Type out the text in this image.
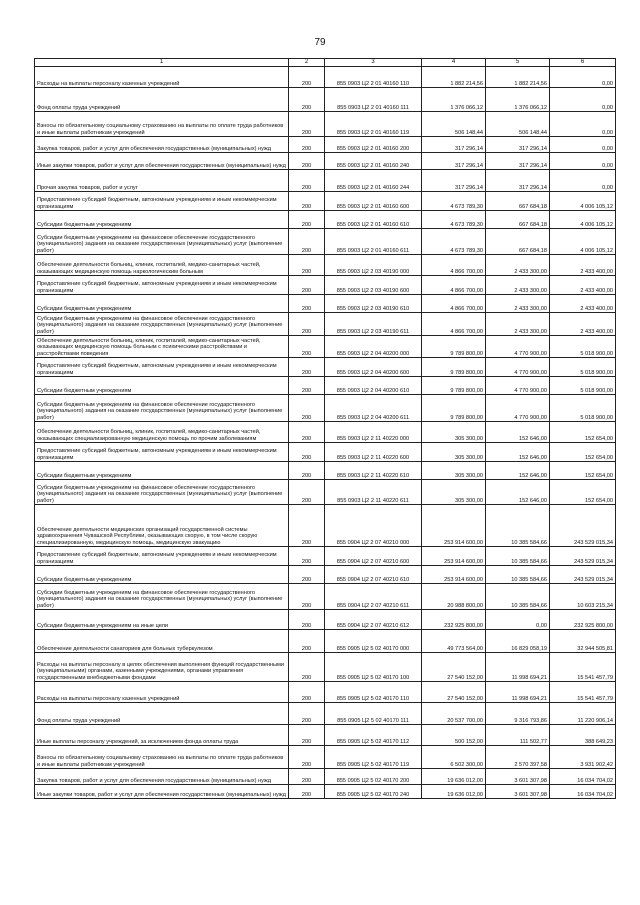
79
1	2	3	4	5	6
Расходы на выплаты персоналу казенных учреждений	200	855 0903 Ц2 2 01 40160 110	1 882 214,56	1 882 214,56	0,00
Фонд оплаты труда учреждений	200	855 0903 Ц2 2 01 40160 111	1 376 066,12	1 376 066,12	0,00
Взносы по обязательному социальному страхованию на выплаты по оплате труда работников и иные выплаты работникам учреждений	200	855 0903 Ц2 2 01 40160 119	506 148,44	506 148,44	0,00
Закупка товаров, работ и услуг для обеспечения государственных (муниципальных) нужд	200	855 0903 Ц2 2 01 40160 200	317 296,14	317 296,14	0,00
Иные закупки товаров, работ и услуг для обеспечения государственных (муниципальных) нужд	200	855 0903 Ц2 2 01 40160 240	317 296,14	317 296,14	0,00
Прочая закупка товаров, работ и услуг	200	855 0903 Ц2 2 01 40160 244	317 296,14	317 296,14	0,00
Предоставление субсидий бюджетным, автономным учреждениям и иным некоммерческим организациям	200	855 0903 Ц2 2 01 40160 600	4 673 789,30	667 684,18	4 006 105,12
Субсидии бюджетным учреждениям	200	855 0903 Ц2 2 01 40160 610	4 673 789,30	667 684,18	4 006 105,12
Субсидии бюджетным учреждениям на финансовое обеспечение государственного (муниципального) задания на оказание государственных (муниципальных) услуг (выполнение работ)	200	855 0903 Ц2 2 01 40160 611	4 673 789,30	667 684,18	4 006 105,12
Обеспечение деятельности больниц, клиник, госпиталей, медико-санитарных частей, оказывающих медицинскую помощь наркологическим больным	200	855 0903 Ц2 2 03 40190 000	4 866 700,00	2 433 300,00	2 433 400,00
Предоставление субсидий бюджетным, автономным учреждениям и иным некоммерческим организациям	200	855 0903 Ц2 2 03 40190 600	4 866 700,00	2 433 300,00	2 433 400,00
Субсидии бюджетным учреждениям	200	855 0903 Ц2 2 03 40190 610	4 866 700,00	2 433 300,00	2 433 400,00
Субсидии бюджетным учреждениям на финансовое обеспечение государственного (муниципального) задания на оказание государственных (муниципальных) услуг (выполнение работ)	200	855 0903 Ц2 2 03 40190 611	4 866 700,00	2 433 300,00	2 433 400,00
Обеспечение деятельности больниц, клиник, госпиталей, медико-санитарных частей, оказывающих медицинскую помощь больным с психическими расстройствами и расстройствами поведения	200	855 0903 Ц2 2 04 40200 000	9 789 800,00	4 770 900,00	5 018 900,00
Предоставление субсидий бюджетным, автономным учреждениям и иным некоммерческим организациям	200	855 0903 Ц2 2 04 40200 600	9 789 800,00	4 770 900,00	5 018 900,00
Субсидии бюджетным учреждениям	200	855 0903 Ц2 2 04 40200 610	9 789 800,00	4 770 900,00	5 018 900,00
Субсидии бюджетным учреждениям на финансовое обеспечение государственного (муниципального) задания на оказание государственных (муниципальных) услуг (выполнение работ)	200	855 0903 Ц2 2 04 40200 611	9 789 800,00	4 770 900,00	5 018 900,00
Обеспечение деятельности больниц, клиник, госпиталей, медико-санитарных частей, оказывающих специализированную медицинскую помощь по прочим заболеваниям	200	855 0903 Ц2 2 11 40220 000	305 300,00	152 646,00	152 654,00
Предоставление субсидий бюджетным, автономным учреждениям и иным некоммерческим организациям	200	855 0903 Ц2 2 11 40220 600	305 300,00	152 646,00	152 654,00
Субсидии бюджетным учреждениям	200	855 0903 Ц2 2 11 40220 610	305 300,00	152 646,00	152 654,00
Субсидии бюджетным учреждениям на финансовое обеспечение государственного (муниципального) задания на оказание государственных (муниципальных) услуг (выполнение работ)	200	855 0903 Ц2 2 11 40220 611	305 300,00	152 646,00	152 654,00
Обеспечение деятельности медицинских организаций государственной системы здравоохранения Чувашской Республики, оказывающих скорую, в том числе скорую специализированную, медицинскую помощь, медицинскую эвакуацию	200	855 0904 Ц2 2 07 40210 000	253 914 600,00	10 385 584,66	243 529 015,34
Предоставление субсидий бюджетным, автономным учреждениям и иным некоммерческим организациям	200	855 0904 Ц2 2 07 40210 600	253 914 600,00	10 385 584,66	243 529 015,34
Субсидии бюджетным учреждениям	200	855 0904 Ц2 2 07 40210 610	253 914 600,00	10 385 584,66	243 529 015,34
Субсидии бюджетным учреждениям на финансовое обеспечение государственного (муниципального) задания на оказание государственных (муниципальных) услуг (выполнение работ)	200	855 0904 Ц2 2 07 40210 611	20 988 800,00	10 385 584,66	10 603 215,34
Субсидии бюджетным учреждениям на иные цели	200	855 0904 Ц2 2 07 40210 612	232 925 800,00	0,00	232 925 800,00
Обеспечение деятельности санаториев для больных туберкулезом	200	855 0905 Ц2 5 02 40170 000	49 773 564,00	16 829 058,19	32 944 505,81
Расходы на выплаты персоналу в целях обеспечения выполнения функций государственными (муниципальными) органами, казенными учреждениями, органами управления государственными внебюджетными фондами	200	855 0905 Ц2 5 02 40170 100	27 540 152,00	11 998 694,21	15 541 457,79
Расходы на выплаты персоналу казенных учреждений	200	855 0905 Ц2 5 02 40170 110	27 540 152,00	11 998 694,21	15 541 457,79
Фонд оплаты труда учреждений	200	855 0905 Ц2 5 02 40170 111	20 537 700,00	9 316 793,86	11 220 906,14
Иные выплаты персоналу учреждений, за исключением фонда оплаты труда	200	855 0905 Ц2 5 02 40170 112	500 152,00	111 502,77	388 649,23
Взносы по обязательному социальному страхованию на выплаты по оплате труда работников и иные выплаты работникам учреждений	200	855 0905 Ц2 5 02 40170 119	6 502 300,00	2 570 397,58	3 931 902,42
Закупка товаров, работ и услуг для обеспечения государственных (муниципальных) нужд	200	855 0905 Ц2 5 02 40170 200	19 636 012,00	3 601 307,98	16 034 704,02
Иные закупки товаров, работ и услуг для обеспечения государственных (муниципальных) нужд	200	855 0905 Ц2 5 02 40170 240	19 636 012,00	3 601 307,98	16 034 704,02
